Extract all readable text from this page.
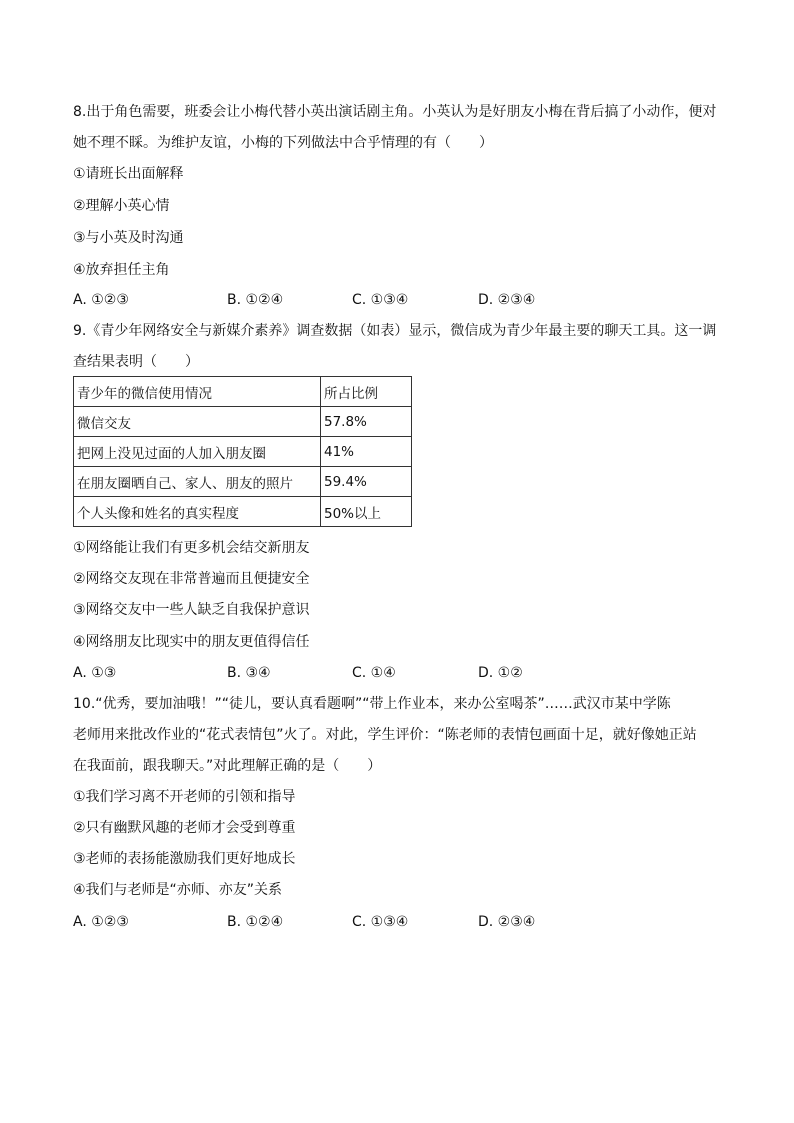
8.出于角色需要，班委会让小梅代替小英出演话剧主角。小英认为是好朋友小梅在背后搞了小动作，便对
她不理不睬。为维护友谊，小梅的下列做法中合乎情理的有（　　）
①请班长出面解释
②理解小英心情
③与小英及时沟通
④放弃担任主角
A. ①②③	B. ①②④	C. ①③④	D. ②③④
9.《青少年网络安全与新媒介素养》调查数据（如表）显示，微信成为青少年最主要的聊天工具。这一调
查结果表明（　　）
青少年的微信使用情况	所占比例
微信交友	57.8%
把网上没见过面的人加入朋友圈	41%
在朋友圈晒自己、家人、朋友的照片	59.4%
个人头像和姓名的真实程度	50%以上
①网络能让我们有更多机会结交新朋友
②网络交友现在非常普遍而且便捷安全
③网络交友中一些人缺乏自我保护意识
④网络朋友比现实中的朋友更值得信任
A. ①③	B. ③④	C. ①④	D. ①②
10.“优秀，要加油哦！”“徒儿，要认真看题啊”“带上作业本，来办公室喝茶”……武汉市某中学陈
老师用来批改作业的“花式表情包”火了。对此，学生评价：“陈老师的表情包画面十足，就好像她正站
在我面前，跟我聊天。”对此理解正确的是（　　）
①我们学习离不开老师的引领和指导
②只有幽默风趣的老师才会受到尊重
③老师的表扬能激励我们更好地成长
④我们与老师是“亦师、亦友”关系
A. ①②③	B. ①②④	C. ①③④	D. ②③④
